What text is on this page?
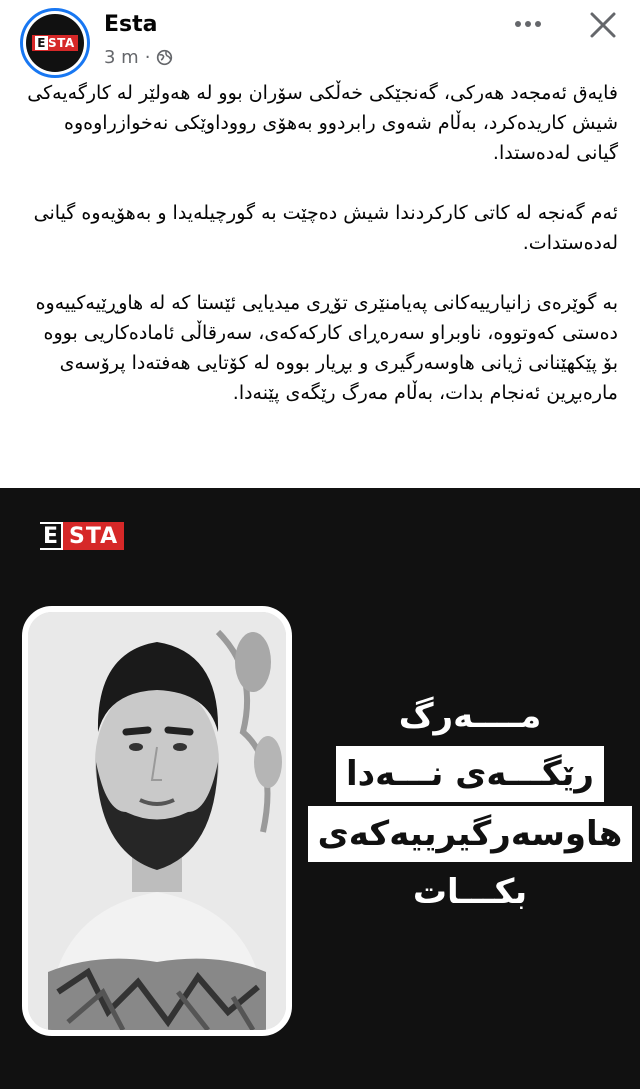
E STA
Esta
3 m ·

فایەق ئەمجەد هەرکی، گەنجێکی خەڵکی سۆران بوو لە هەولێر لە کارگەیەکی شیش کاریدەکرد، بەڵام شەوی رابردوو بەهۆی رووداوێکی نەخوازراوەوە گیانی لەدەستدا.

ئەم گەنجە لە کاتی کارکردندا شیش دەچێت بە گورچیلەیدا و بەهۆیەوە گیانی لەدەستدات.

بە گوێرەی زانیارییەکانی پەیامنێری تۆڕی میدیایی ئێستا کە لە هاوڕێیەکییەوە دەستی کەوتووە، ناوبراو سەرەڕای کارکەکەی، سەرقاڵی ئامادەکاریی بووە بۆ پێکهێنانی ژیانی هاوسەرگیری و بڕیار بووە لە کۆتایی هەفتەدا پرۆسەی مارەبڕین ئەنجام بدات، بەڵام مەرگ رێگەی پێنەدا.

E STA
مــــەرگ
رێگـــەی نـــەدا
هاوسەرگیرییەکەی
بکـــات
